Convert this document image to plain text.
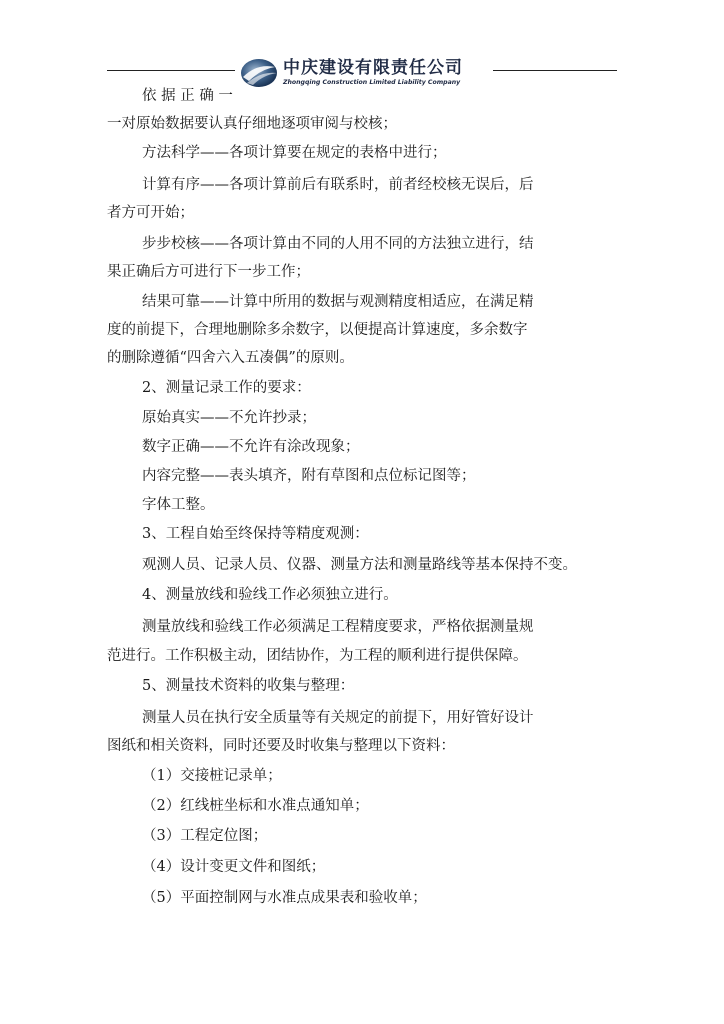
中庆建设有限责任公司
Zhongqing Construction Limited Liability Company
依 据 正 确 一
一对原始数据要认真仔细地逐项审阅与校核；
方法科学——各项计算要在规定的表格中进行；
计算有序——各项计算前后有联系时，前者经校核无误后，后
者方可开始；
步步校核——各项计算由不同的人用不同的方法独立进行，结
果正确后方可进行下一步工作；
结果可靠——计算中所用的数据与观测精度相适应，在满足精
度的前提下，合理地删除多余数字，以便提高计算速度，多余数字
的删除遵循“四舍六入五凑偶”的原则。
2、测量记录工作的要求：
原始真实——不允许抄录；
数字正确——不允许有涂改现象；
内容完整——表头填齐，附有草图和点位标记图等；
字体工整。
3、工程自始至终保持等精度观测：
观测人员、记录人员、仪器、测量方法和测量路线等基本保持不变。
4、测量放线和验线工作必须独立进行。
测量放线和验线工作必须满足工程精度要求，严格依据测量规
范进行。工作积极主动，团结协作，为工程的顺利进行提供保障。
5、测量技术资料的收集与整理：
测量人员在执行安全质量等有关规定的前提下，用好管好设计
图纸和相关资料，同时还要及时收集与整理以下资料：
（1）交接桩记录单；
（2）红线桩坐标和水准点通知单；
（3）工程定位图；
（4）设计变更文件和图纸；
（5）平面控制网与水准点成果表和验收单；
